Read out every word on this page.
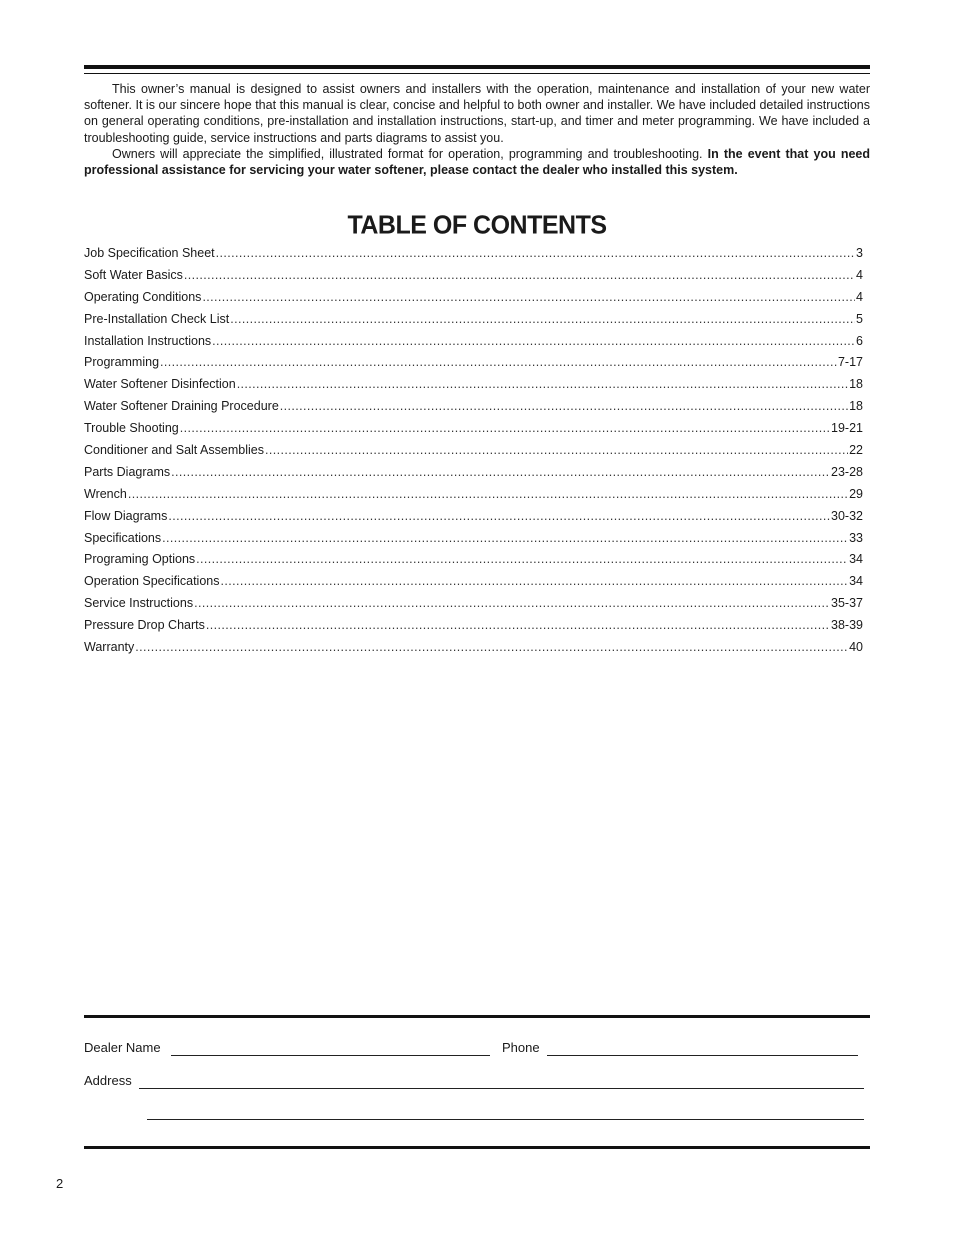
This owner’s manual is designed to assist owners and installers with the operation, maintenance and installation of your new water softener. It is our sincere hope that this manual is clear, concise and helpful to both owner and installer. We have included detailed instructions on general operating conditions, pre-installation and installation instructions, start-up, and timer and meter programming. We have included a troubleshooting guide, service instructions and parts diagrams to assist you.

Owners will appreciate the simplified, illustrated format for operation, programming and troubleshooting. In the event that you need professional assistance for servicing your water softener, please contact the dealer who installed this system.

TABLE OF CONTENTS
Job Specification Sheet .....	3
Soft Water Basics .....	4
Operating Conditions .....	4
Pre-Installation Check List .....	5
Installation Instructions .....	6
Programming .....	7-17
Water Softener Disinfection .....	18
Water Softener Draining Procedure .....	18
Trouble Shooting .....	19-21
Conditioner and Salt Assemblies .....	22
Parts Diagrams .....	23-28
Wrench .....	29
Flow Diagrams .....	30-32
Specifications .....	33
Programing Options .....	34
Operation Specifications .....	34
Service Instructions .....	35-37
Pressure Drop Charts .....	38-39
Warranty .....	40
Dealer Name	Phone
Address
2
